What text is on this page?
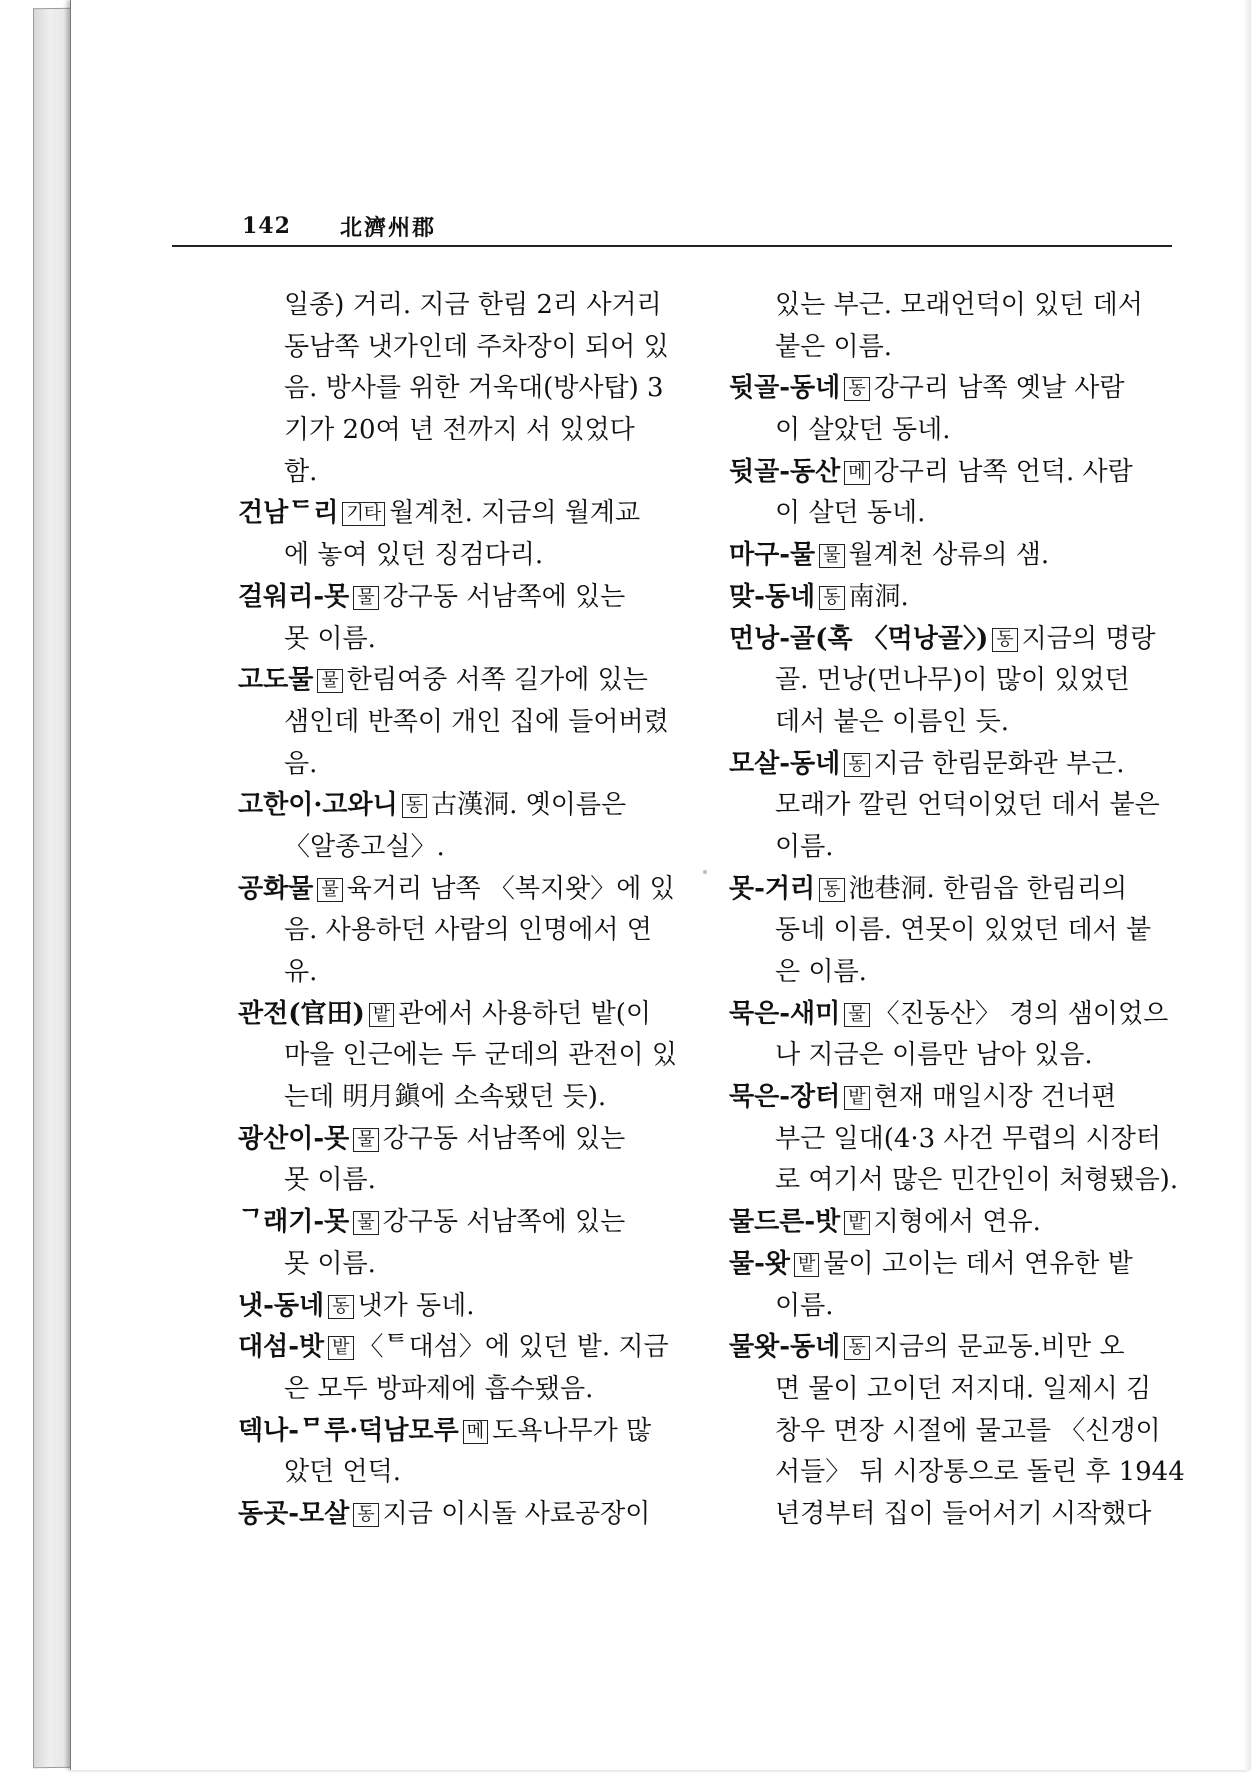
142 北濟州郡
일종) 거리. 지금 한림 2리 사거리
동남쪽 냇가인데 주차장이 되어 있
음. 방사를 위한 거욱대(방사탑) 3
기가 20여 년 전까지 서 있었다
함.
건남ᄃ리 기타 월계천. 지금의 월계교
에 놓여 있던 징검다리.
걸워리-못 물 강구동 서남쪽에 있는
못 이름.
고도물 물 한림여중 서쪽 길가에 있는
샘인데 반쪽이 개인 집에 들어버렸
음.
고한이·고와니 동 古漢洞. 옛이름은
〈알종고실〉.
공화물 물 육거리 남쪽 〈복지왓〉에 있
음. 사용하던 사람의 인명에서 연
유.
관전(官田) 밭 관에서 사용하던 밭(이
마을 인근에는 두 군데의 관전이 있
는데 明月鎭에 소속됐던 듯).
광산이-못 물 강구동 서남쪽에 있는
못 이름.
ᄀ래기-못 물 강구동 서남쪽에 있는
못 이름.
냇-동네 동 냇가 동네.
대섬-밧 밭 〈ᄐ대섬〉에 있던 밭. 지금
은 모두 방파제에 흡수됐음.
덱나-ᄆ루·덕남모루 메 도욕나무가 많
았던 언덕.
동곳-모살 동 지금 이시돌 사료공장이
있는 부근. 모래언덕이 있던 데서
붙은 이름.
뒷골-동네 동 강구리 남쪽 옛날 사람
이 살았던 동네.
뒷골-동산 메 강구리 남쪽 언덕. 사람
이 살던 동네.
마구-물 물 월계천 상류의 샘.
맞-동네 동 南洞.
먼낭-골(혹 〈먹낭골〉) 동 지금의 명랑
골. 먼낭(먼나무)이 많이 있었던
데서 붙은 이름인 듯.
모살-동네 동 지금 한림문화관 부근.
모래가 깔린 언덕이었던 데서 붙은
이름.
못-거리 동 池巷洞. 한림읍 한림리의
동네 이름. 연못이 있었던 데서 붙
은 이름.
묵은-새미 물 〈진동산〉 경의 샘이었으
나 지금은 이름만 남아 있음.
묵은-장터 밭 현재 매일시장 건너편
부근 일대(4·3 사건 무렵의 시장터
로 여기서 많은 민간인이 처형됐음).
물드른-밧 밭 지형에서 연유.
물-왓 밭 물이 고이는 데서 연유한 밭
이름.
물왓-동네 동 지금의 문교동.비만 오
면 물이 고이던 저지대. 일제시 김
창우 면장 시절에 물고를 〈신갱이
서들〉 뒤 시장통으로 돌린 후 1944
년경부터 집이 들어서기 시작했다
